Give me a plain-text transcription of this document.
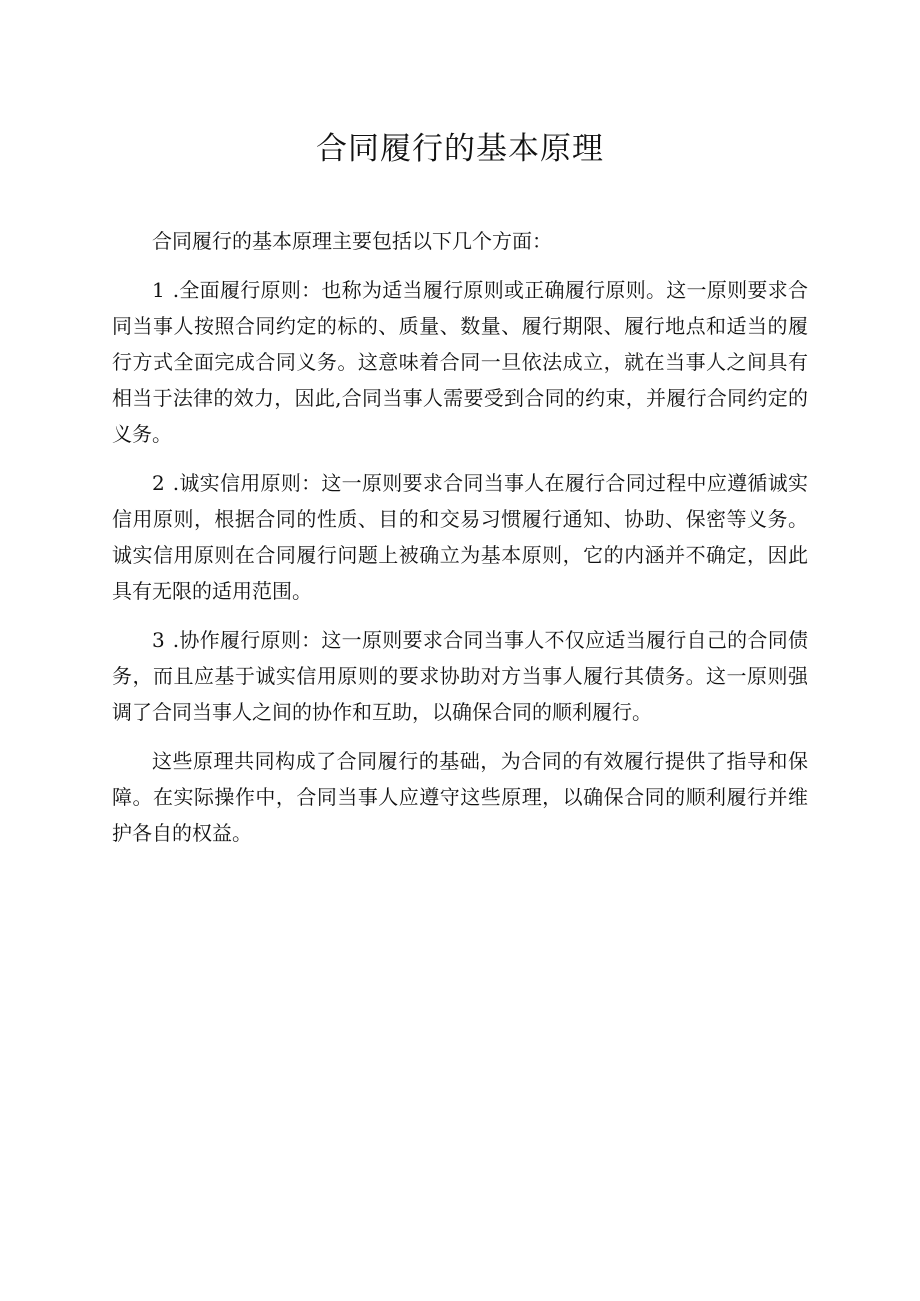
合同履行的基本原理

合同履行的基本原理主要包括以下几个方面：

1 .全面履行原则：也称为适当履行原则或正确履行原则。这一原则要求合同当事人按照合同约定的标的、质量、数量、履行期限、履行地点和适当的履行方式全面完成合同义务。这意味着合同一旦依法成立，就在当事人之间具有相当于法律的效力，因此,合同当事人需要受到合同的约束，并履行合同约定的义务。

2 .诚实信用原则：这一原则要求合同当事人在履行合同过程中应遵循诚实信用原则，根据合同的性质、目的和交易习惯履行通知、协助、保密等义务。诚实信用原则在合同履行问题上被确立为基本原则，它的内涵并不确定，因此具有无限的适用范围。

3 .协作履行原则：这一原则要求合同当事人不仅应适当履行自己的合同债务，而且应基于诚实信用原则的要求协助对方当事人履行其债务。这一原则强调了合同当事人之间的协作和互助，以确保合同的顺利履行。

这些原理共同构成了合同履行的基础，为合同的有效履行提供了指导和保障。在实际操作中，合同当事人应遵守这些原理，以确保合同的顺利履行并维护各自的权益。
